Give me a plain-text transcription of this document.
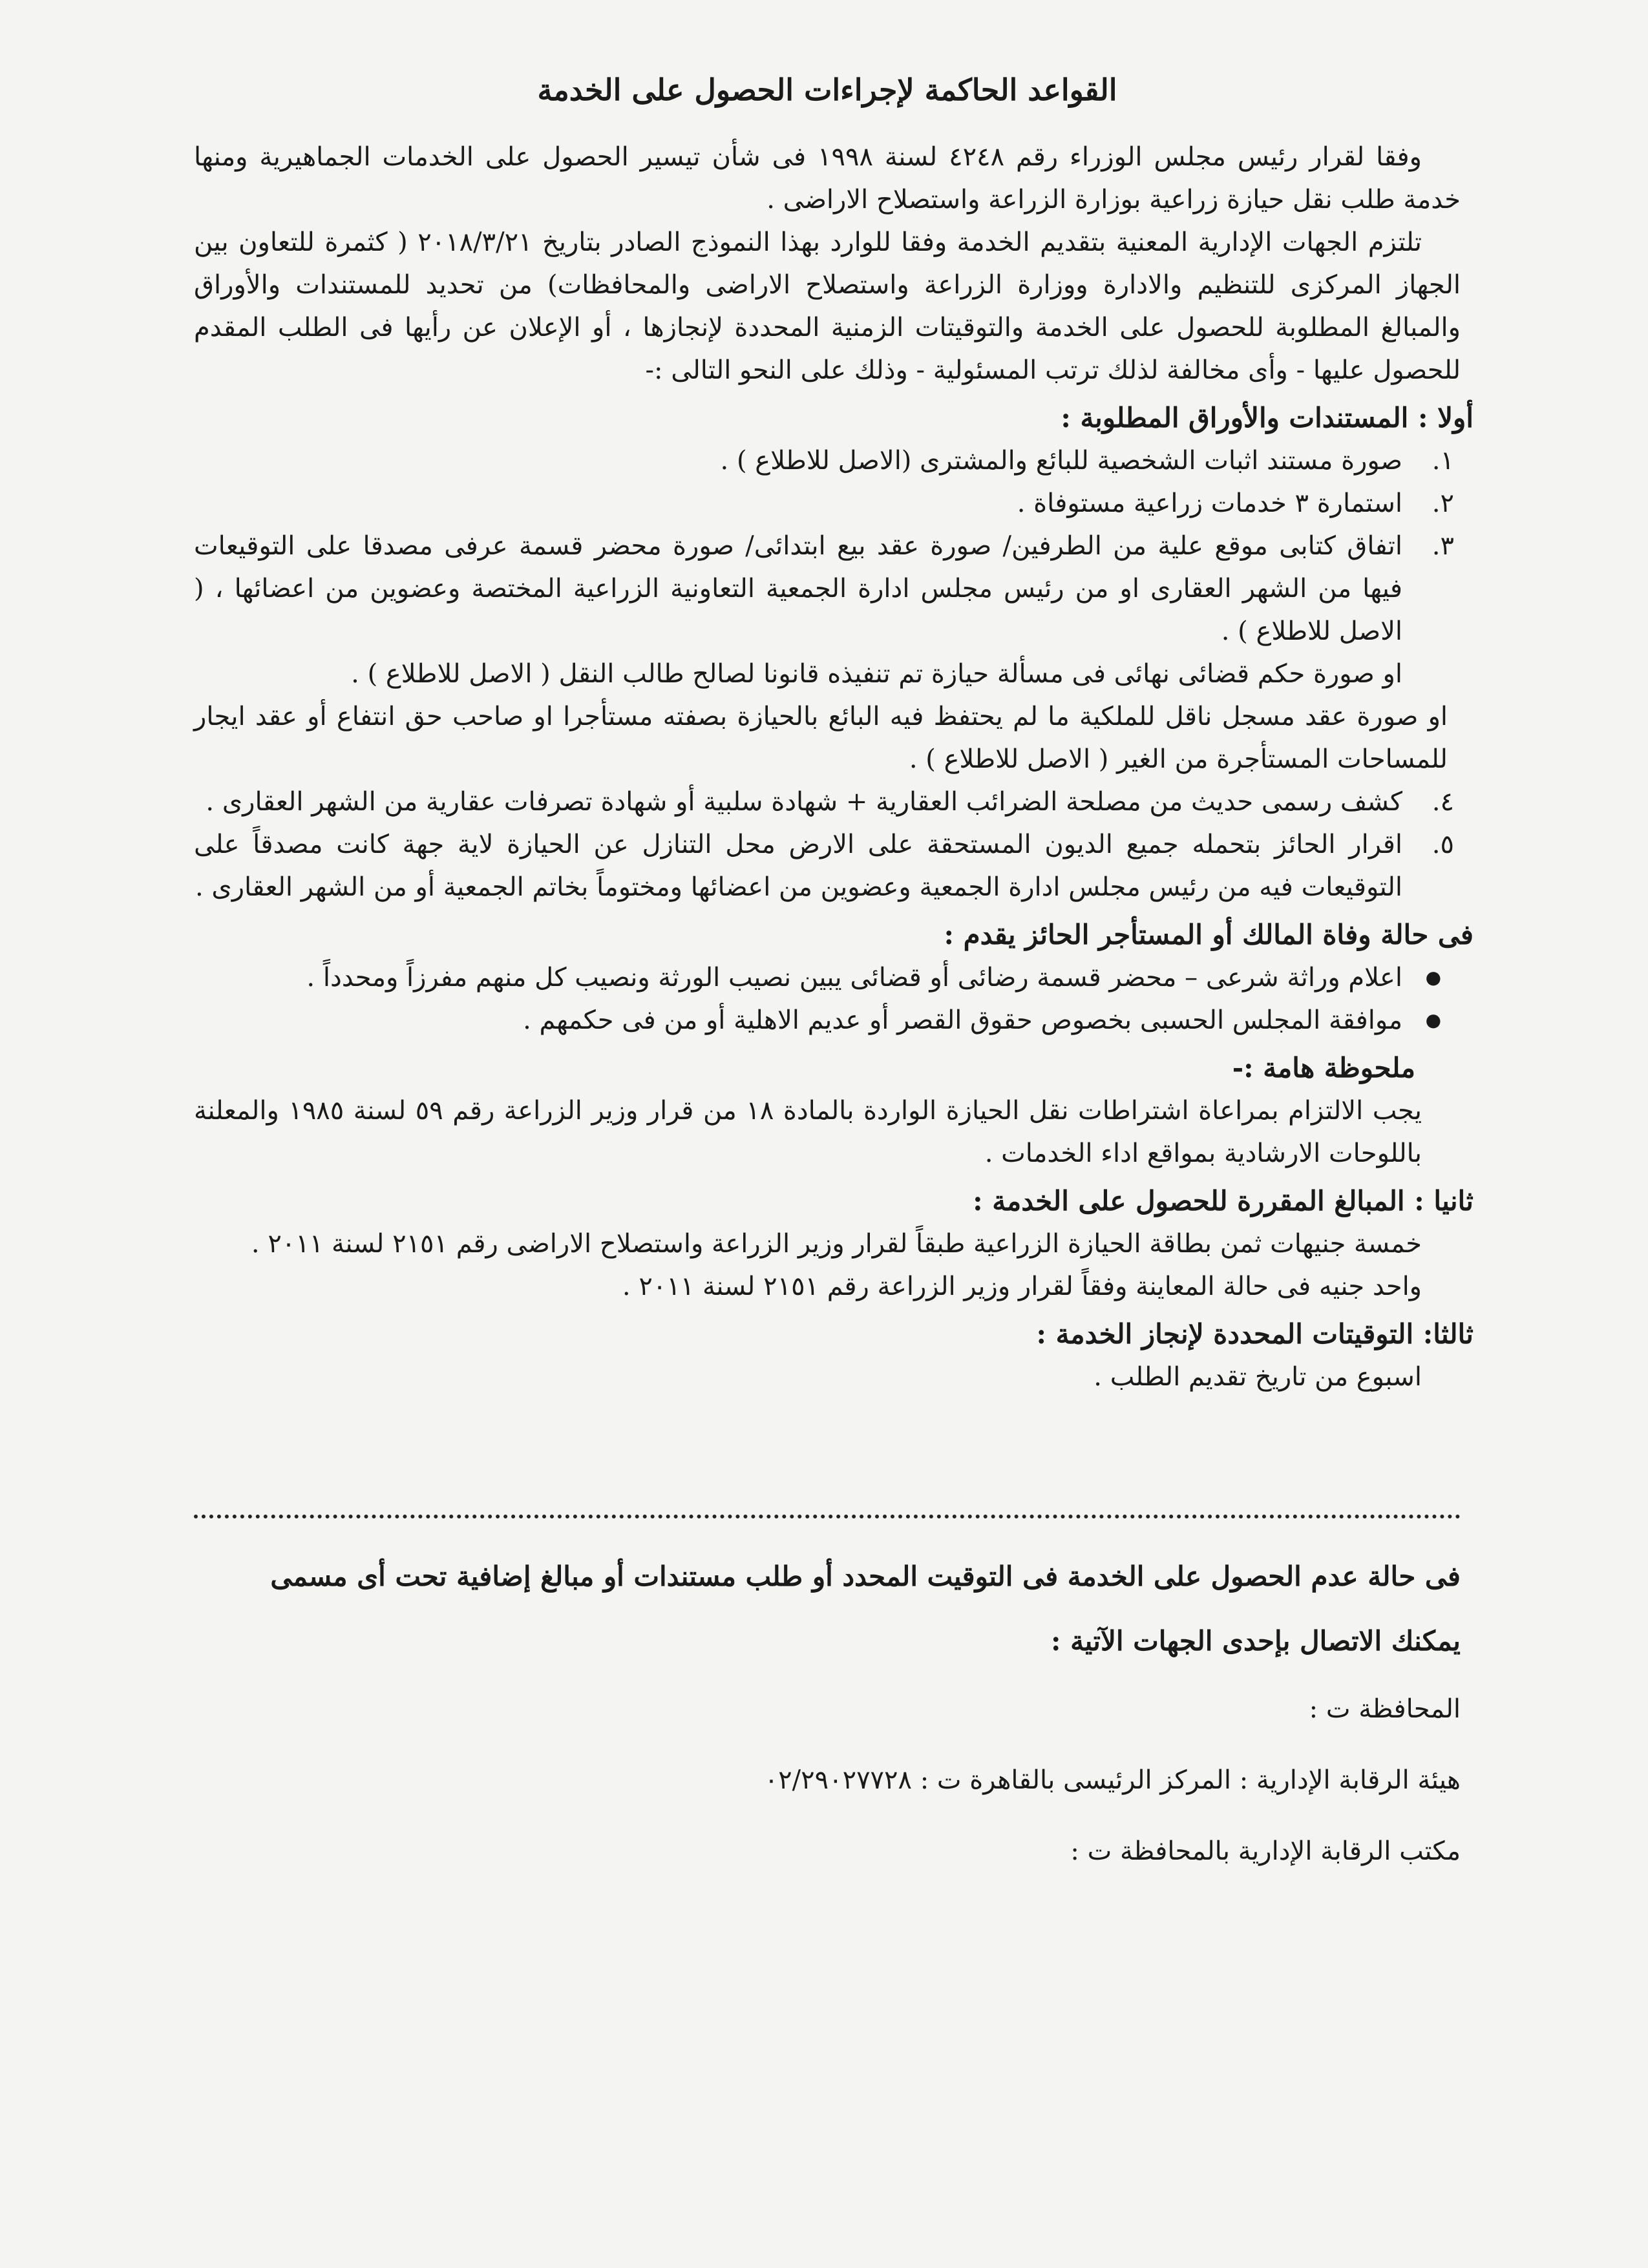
القواعد الحاكمة لإجراءات الحصول على الخدمة

وفقا لقرار رئيس مجلس الوزراء رقم ٤٢٤٨ لسنة ١٩٩٨ فى شأن تيسير الحصول على الخدمات الجماهيرية ومنها خدمة طلب نقل حيازة زراعية بوزارة الزراعة واستصلاح الاراضى .

تلتزم الجهات الإدارية المعنية بتقديم الخدمة وفقا للوارد بهذا النموذج الصادر بتاريخ ٢٠١٨/٣/٢١ ( كثمرة للتعاون بين الجهاز المركزى للتنظيم والادارة ووزارة الزراعة واستصلاح الاراضى والمحافظات) من تحديد للمستندات والأوراق والمبالغ المطلوبة للحصول على الخدمة والتوقيتات الزمنية المحددة لإنجازها ، أو الإعلان عن رأيها فى الطلب المقدم للحصول عليها - وأى مخالفة لذلك ترتب المسئولية - وذلك على النحو التالى :-

أولا : المستندات والأوراق المطلوبة :
١.
صورة مستند اثبات الشخصية للبائع والمشترى (الاصل للاطلاع ) .
٢.
استمارة ٣ خدمات زراعية مستوفاة .
٣.

اتفاق كتابى موقع علية من الطرفين/ صورة عقد بيع ابتدائى/ صورة محضر قسمة عرفى مصدقا على التوقيعات فيها من الشهر العقارى او من رئيس مجلس ادارة الجمعية التعاونية الزراعية المختصة وعضوين من اعضائها ، ( الاصل للاطلاع ) .

او صورة حكم قضائى نهائى فى مسألة حيازة تم تنفيذه قانونا لصالح طالب النقل ( الاصل للاطلاع ) .

او صورة عقد مسجل ناقل للملكية ما لم يحتفظ فيه البائع بالحيازة بصفته مستأجرا او صاحب حق انتفاع أو عقد ايجار للمساحات المستأجرة من الغير ( الاصل للاطلاع ) .

٤.
كشف رسمى حديث من مصلحة الضرائب العقارية + شهادة سلبية أو شهادة تصرفات عقارية من الشهر العقارى .
٥.
اقرار الحائز بتحمله جميع الديون المستحقة على الارض محل التنازل عن الحيازة لاية جهة كانت مصدقاً على التوقيعات فيه من رئيس مجلس ادارة الجمعية وعضوين من اعضائها ومختوماً بخاتم الجمعية أو من الشهر العقارى .
فى حالة وفاة المالك أو المستأجر الحائز يقدم :
● اعلام وراثة شرعى – محضر قسمة رضائى أو قضائى يبين نصيب الورثة ونصيب كل منهم مفرزاً ومحدداً .
● موافقة المجلس الحسبى بخصوص حقوق القصر أو عديم الاهلية أو من فى حكمهم .
ملحوظة هامة :-

يجب الالتزام بمراعاة اشتراطات نقل الحيازة الواردة بالمادة ١٨ من قرار وزير الزراعة رقم ٥٩ لسنة ١٩٨٥ والمعلنة باللوحات الارشادية بمواقع اداء الخدمات .

ثانيا : المبالغ المقررة للحصول على الخدمة :

خمسة جنيهات ثمن بطاقة الحيازة الزراعية طبقاً لقرار وزير الزراعة واستصلاح الاراضى رقم ٢١٥١ لسنة ٢٠١١ .

واحد جنيه فى حالة المعاينة وفقاً لقرار وزير الزراعة رقم ٢١٥١ لسنة ٢٠١١ .

ثالثا: التوقيتات المحددة لإنجاز الخدمة :

اسبوع من تاريخ تقديم الطلب .

فى حالة عدم الحصول على الخدمة فى التوقيت المحدد أو طلب مستندات أو مبالغ إضافية تحت أى مسمى

يمكنك الاتصال بإحدى الجهات الآتية :

المحافظة ت :

هيئة الرقابة الإدارية : المركز الرئيسى بالقاهرة ت : ٠٢/٢٩٠٢٧٧٢٨

مكتب الرقابة الإدارية بالمحافظة ت :
